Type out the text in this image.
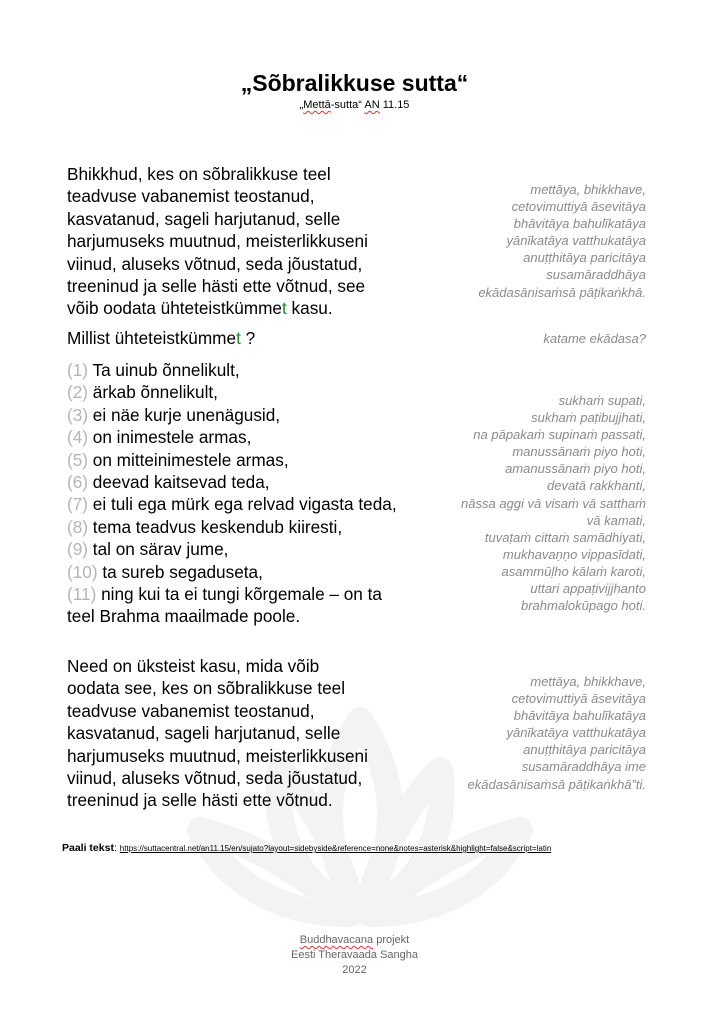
„Sõbralikkuse sutta“
„Mettā-sutta“ AN 11.15
Bhikkhud, kes on sõbralikkuse teel
teadvuse vabanemist teostanud,
kasvatanud, sageli harjutanud, selle
harjumuseks muutnud, meisterlikkuseni
viinud, aluseks võtnud, seda jõustatud,
treeninud ja selle hästi ette võtnud, see
võib oodata ühteteistkümmet kasu.
mettāya, bhikkhave,
cetovimuttiyā āsevitāya
bhāvitāya bahulīkatāya
yānīkatāya vatthukatāya
anuṭṭhitāya paricitāya
susamāraddhāya
ekādasānisaṁsā pāṭikaṅkhā.
Millist ühteteistkümmet ?	katame ekādasa?
(1) Ta uinub õnnelikult,
(2) ärkab õnnelikult,
(3) ei näe kurje unenägusid,
(4) on inimestele armas,
(5) on mitteinimestele armas,
(6) deevad kaitsevad teda,
(7) ei tuli ega mürk ega relvad vigasta teda,
(8) tema teadvus keskendub kiiresti,
(9) tal on särav jume,
(10) ta sureb segaduseta,
(11) ning kui ta ei tungi kõrgemale – on ta teel Brahma maailmade poole.
sukhaṁ supati,
sukhaṁ paṭibujjhati,
na pāpakaṁ supinaṁ passati,
manussānaṁ piyo hoti,
amanussānaṁ piyo hoti,
devatā rakkhanti,
nāssa aggi vā visaṁ vā satthaṁ
vā kamati,
tuvaṭaṁ cittaṁ samādhiyati,
mukhavaṇṇo vippasīdati,
asammūḷho kālaṁ karoti,
uttari appaṭivijjhanto
brahmalokūpago hoti.
Need on üksteist kasu, mida võib
oodata see, kes on sõbralikkuse teel
teadvuse vabanemist teostanud,
kasvatanud, sageli harjutanud, selle
harjumuseks muutnud, meisterlikkuseni
viinud, aluseks võtnud, seda jõustatud,
treeninud ja selle hästi ette võtnud.
mettāya, bhikkhave,
cetovimuttiyā āsevitāya
bhāvitāya bahulīkatāya
yānīkatāya vatthukatāya
anuṭṭhitāya paricitāya
susamāraddhāya ime
ekādasānisaṁsā pāṭikaṅkhā”ti.
Paali tekst: https://suttacentral.net/an11.15/en/sujato?layout=sidebyside&reference=none&notes=asterisk&highlight=false&script=latin
Buddhavacana projekt
Eesti Theravaada Sangha
2022
